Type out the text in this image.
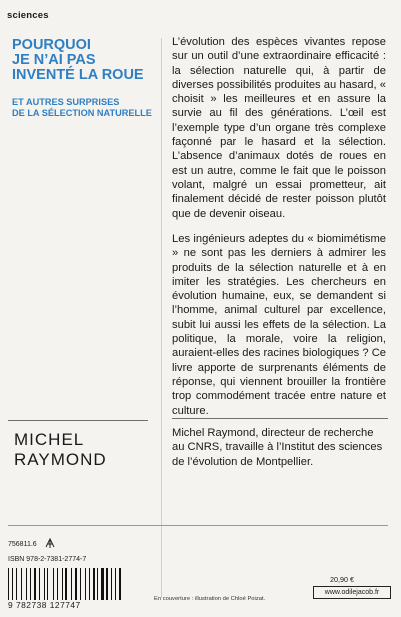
sciences
POURQUOI
JE N’AI PAS
INVENTÉ LA ROUE
ET AUTRES SURPRISES
DE LA SÉLECTION NATURELLE
L’évolution des espèces vivantes repose sur un outil d’une extraordinaire efficacité : la sélection naturelle qui, à partir de diverses possibilités produites au hasard, « choisit » les meilleures et en assure la survie au fil des générations. L’œil est l’exemple type d’un organe très complexe façonné par le hasard et la sélection. L’absence d’animaux dotés de roues en est un autre, comme le fait que le poisson volant, malgré un essai prometteur, ait finalement décidé de rester poisson plutôt que de devenir oiseau.
Les ingénieurs adeptes du « biomimétisme » ne sont pas les derniers à admirer les produits de la sélection naturelle et à en imiter les stratégies. Les chercheurs en évolution humaine, eux, se demandent si l’homme, animal culturel par excellence, subit lui aussi les effets de la sélection. La politique, la morale, voire la religion, auraient-elles des racines biologiques ? Ce livre apporte de surprenants éléments de réponse, qui viennent brouiller la frontière trop commodément tracée entre nature et culture.
MICHEL
RAYMOND
Michel Raymond, directeur de recherche au CNRS, travaille à l’Institut des sciences de l’évolution de Montpellier.
756811.6
ISBN 978-2-7381-2774-7
9 782738 127747
En couverture : illustration de Chloé Poizat.
20,90 €
www.odilejacob.fr
